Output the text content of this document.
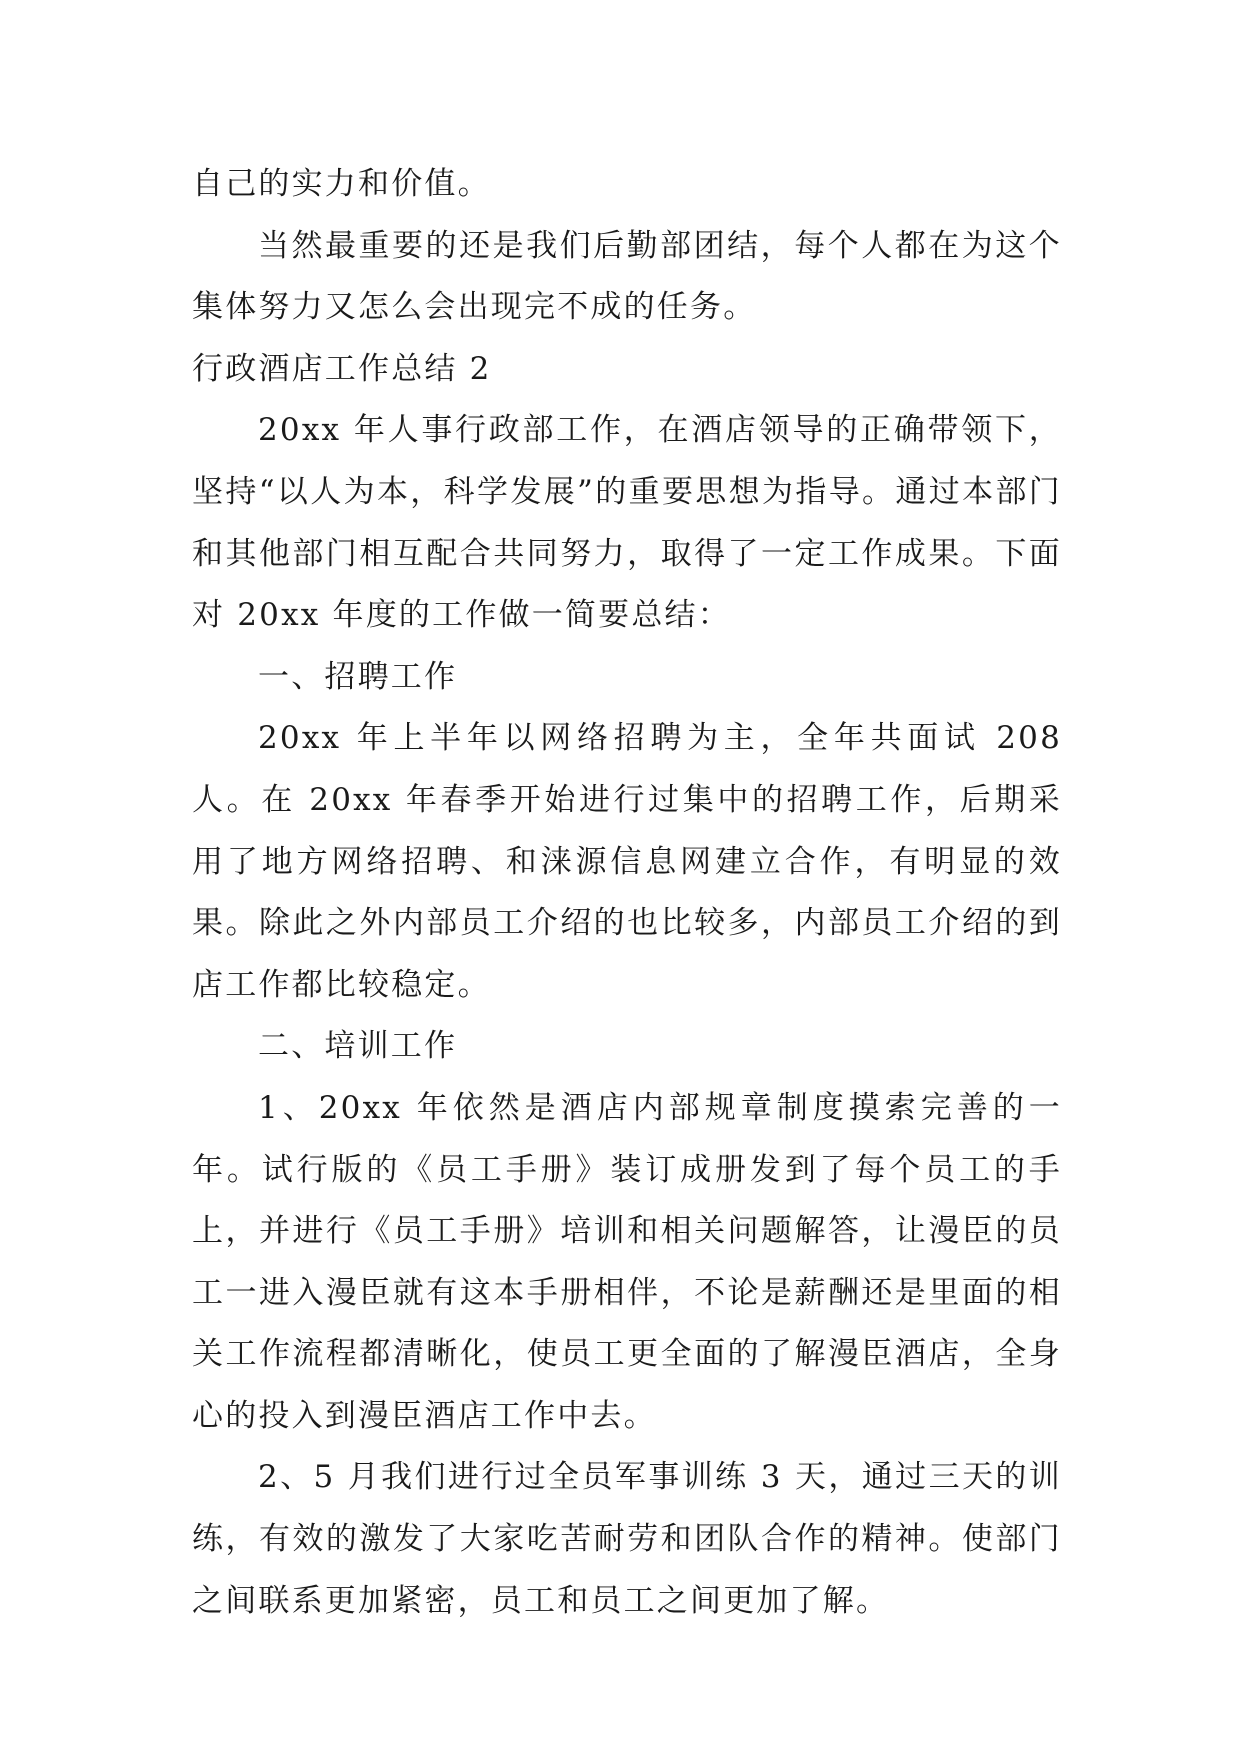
自己的实力和价值。

当然最重要的还是我们后勤部团结，每个人都在为这个集体努力又怎么会出现完不成的任务。

行政酒店工作总结 2

20xx 年人事行政部工作，在酒店领导的正确带领下，坚持“以人为本，科学发展”的重要思想为指导。通过本部门和其他部门相互配合共同努力，取得了一定工作成果。下面对 20xx 年度的工作做一简要总结：

一、招聘工作

20xx 年上半年以网络招聘为主，全年共面试 208 人。在 20xx 年春季开始进行过集中的招聘工作，后期采用了地方网络招聘、和涞源信息网建立合作，有明显的效果。除此之外内部员工介绍的也比较多，内部员工介绍的到店工作都比较稳定。

二、培训工作

1、20xx 年依然是酒店内部规章制度摸索完善的一年。试行版的《员工手册》装订成册发到了每个员工的手上，并进行《员工手册》培训和相关问题解答，让漫臣的员工一进入漫臣就有这本手册相伴，不论是薪酬还是里面的相关工作流程都清晰化，使员工更全面的了解漫臣酒店，全身心的投入到漫臣酒店工作中去。

2、5 月我们进行过全员军事训练 3 天，通过三天的训练，有效的激发了大家吃苦耐劳和团队合作的精神。使部门之间联系更加紧密，员工和员工之间更加了解。
